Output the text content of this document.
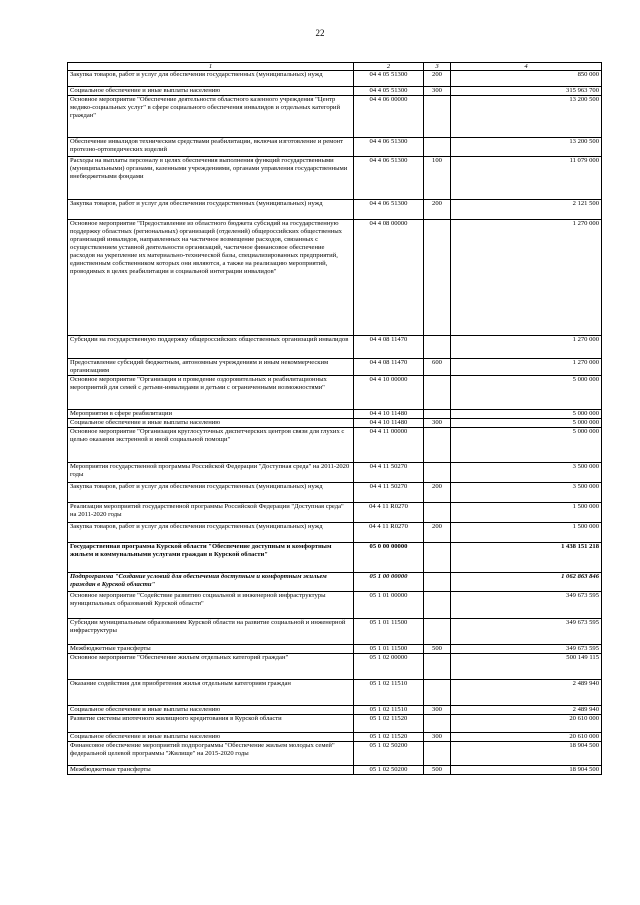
22
1	2	3	4
Закупка товаров, работ и услуг для обеспечения государственных (муниципальных) нужд	04 4 05 51300	200	850 000
Социальное обеспечение и иные выплаты населению	04 4 05 51300	300	315 963 700
Основное мероприятие "Обеспечение деятельности областного казенного учреждения "Центр медико-социальных услуг" в сфере социального обеспечения инвалидов и отдельных категорий граждан"	04 4 06 00000		13 200 500
Обеспечение инвалидов техническим средствами реабилитации, включая изготовление и ремонт протезно-ортопедических изделий	04 4 06 51300		13 200 500
Расходы на выплаты персоналу в целях обеспечения выполнения функций государственными (муниципальными) органами, казенными учреждениями, органами управления государственными внебюджетными фондами	04 4 06 51300	100	11 079 000
Закупка товаров, работ и услуг для обеспечения государственных (муниципальных) нужд	04 4 06 51300	200	2 121 500
Основное мероприятие "Предоставление из областного бюджета субсидий на государственную поддержку областных (региональных) организаций (отделений) общероссийских общественных организаций инвалидов, направленных на частичное возмещение расходов, связанных с осуществлением уставной деятельности организаций, частичное финансовое обеспечение расходов на укрепление их материально-технической базы, специализированных предприятий, единственным собственником которых они являются, а также на реализацию мероприятий, проводимых в целях реабилитации и социальной интеграции инвалидов"	04 4 08 00000		1 270 000
Субсидии на государственную поддержку общероссийских общественных организаций инвалидов	04 4 08 11470		1 270 000
Предоставление субсидий бюджетным, автономным учреждениям и иным некоммерческим организациям	04 4 08 11470	600	1 270 000
Основное мероприятие "Организация и проведение оздоровительных и реабилитационных мероприятий для семей с детьми-инвалидами и детьми с ограниченными возможностями"	04 4 10 00000		5 000 000
Мероприятия в сфере реабилитации	04 4 10 11480		5 000 000
Социальное обеспечение и иные выплаты населению	04 4 10 11480	300	5 000 000
Основное мероприятие "Организация круглосуточных диспетчерских центров связи для глухих с целью оказания экстренной и иной социальной помощи"	04 4 11 00000		5 000 000
Мероприятия государственной программы Российской Федерации "Доступная среда" на 2011-2020 годы	04 4 11 50270		3 500 000
Закупка товаров, работ и услуг для обеспечения государственных (муниципальных) нужд	04 4 11 50270	200	3 500 000
Реализация мероприятий государственной программы Российской Федерации "Доступная среда" на 2011-2020 годы	04 4 11 R0270		1 500 000
Закупка товаров, работ и услуг для обеспечения государственных (муниципальных) нужд	04 4 11 R0270	200	1 500 000
Государственная программа Курской области "Обеспечение доступным и комфортным жильем и коммунальными услугами граждан в Курской области"	05 0 00 00000		1 438 151 218
Подпрограмма "Создание условий для обеспечения доступным и комфортным жильем граждан в Курской области"	05 1 00 00000		1 062 863 846
Основное мероприятие "Содействие развитию социальной и инженерной инфраструктуры муниципальных образований Курской области"	05 1 01 00000		349 673 595
Субсидии муниципальным образованиям Курской области на развитие социальной и инженерной инфраструктуры	05 1 01 11500		349 673 595
Межбюджетные трансферты	05 1 01 11500	500	349 673 595
Основное мероприятие "Обеспечение жильем отдельных категорий граждан"	05 1 02 00000		500 149 115
Оказание содействия для приобретения жилья отдельным категориям граждан	05 1 02 11510		2 489 940
Социальное обеспечение и иные выплаты населению	05 1 02 11510	300	2 489 940
Развитие системы ипотечного жилищного кредитования в Курской области	05 1 02 11520		20 610 000
Социальное обеспечение и иные выплаты населению	05 1 02 11520	300	20 610 000
Финансовое обеспечение мероприятий подпрограммы "Обеспечение жильем молодых семей" федеральной целевой программы "Жилище" на 2015-2020 годы	05 1 02 50200		18 904 500
Межбюджетные трансферты	05 1 02 50200	500	18 904 500
